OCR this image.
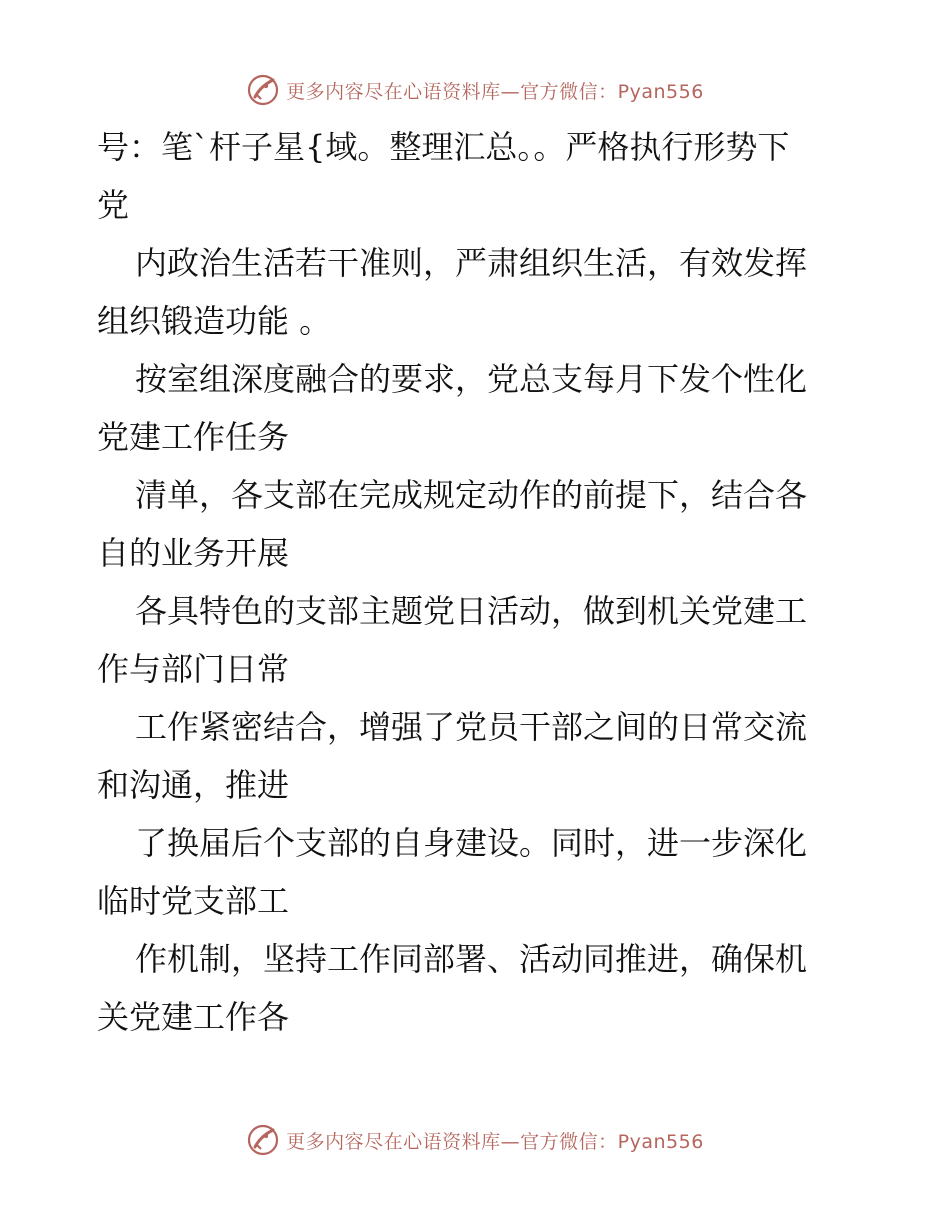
更多内容尽在心语资料库—官方微信：Pyan556
号：笔ˋ杆子星{域。整理汇总。。严格执行形势下
党
内政治生活若干准则，严肃组织生活，有效发挥
组织锻造功能 。
按室组深度融合的要求，党总支每月下发个性化
党建工作任务
清单，各支部在完成规定动作的前提下，结合各
自的业务开展
各具特色的支部主题党日活动，做到机关党建工
作与部门日常
工作紧密结合，增强了党员干部之间的日常交流
和沟通，推进
了换届后个支部的自身建设。同时，进一步深化
临时党支部工
作机制，坚持工作同部署、活动同推进，确保机
关党建工作各
更多内容尽在心语资料库—官方微信：Pyan556
